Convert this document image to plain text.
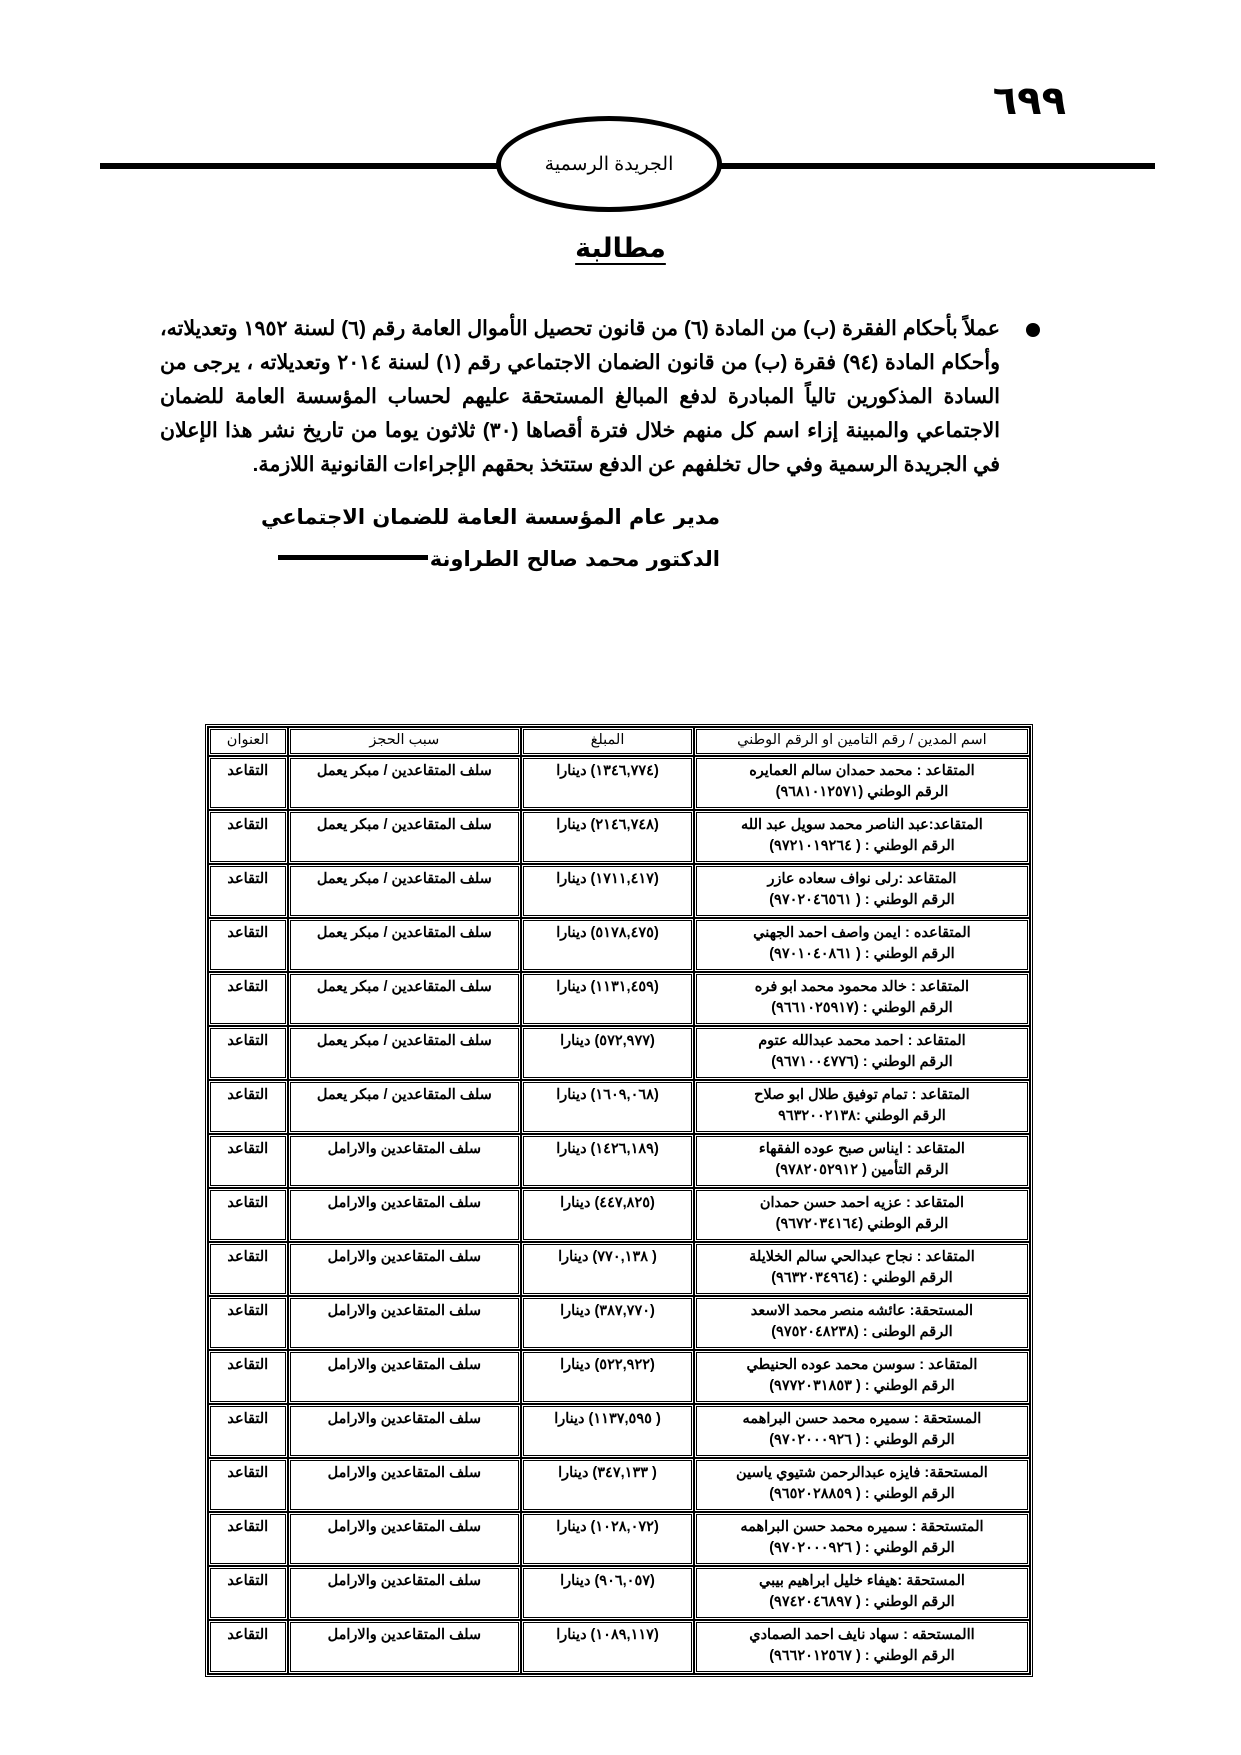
٦٩٩
الجريدة الرسمية
مطالبة

عملاً بأحكام الفقرة (ب) من المادة (٦) من قانون تحصيل الأموال العامة رقم (٦) لسنة ١٩٥٢ وتعديلاته، وأحكام المادة (٩٤) فقرة (ب) من قانون الضمان الاجتماعي رقم (١) لسنة ٢٠١٤ وتعديلاته ، يرجى من السادة المذكورين تالياً المبادرة لدفع المبالغ المستحقة عليهم لحساب المؤسسة العامة للضمان الاجتماعي والمبينة إزاء اسم كل منهم خلال فترة أقصاها (٣٠) ثلاثون يوما من تاريخ نشر هذا الإعلان في الجريدة الرسمية وفي حال تخلفهم عن الدفع ستتخذ بحقهم الإجراءات القانونية اللازمة.

مدير عام المؤسسة العامة للضمان الاجتماعي
الدكتور محمد صالح الطراونة
اسم المدين / رقم التامين او الرقم الوطني	المبلغ	سبب الحجز	العنوان

المتقاعد : محمد حمدان سالم العمايره
الرقم الوطني (٩٦٨١٠١٢٥٧١)	(١٣٤٦,٧٧٤) دينارا	سلف المتقاعدين / مبكر يعمل	التقاعد

المتقاعد:عبد الناصر محمد سويل عبد الله
الرقم الوطني : ( ٩٧٢١٠١٩٢٦٤)	(٢١٤٦,٧٤٨) دينارا	سلف المتقاعدين / مبكر يعمل	التقاعد

المتقاعد :رلى نواف سعاده عازر
الرقم الوطني : ( ٩٧٠٢٠٤٦٥٦١)	(١٧١١,٤١٧) دينارا	سلف المتقاعدين / مبكر يعمل	التقاعد

المتقاعده : ايمن واصف احمد الجهني
الرقم الوطني : ( ٩٧٠١٠٤٠٨٦١)	(٥١٧٨,٤٧٥) دينارا	سلف المتقاعدين / مبكر يعمل	التقاعد

المتقاعد : خالد محمود محمد ابو فره
الرقم الوطني : (٩٦٦١٠٢٥٩١٧)	(١١٣١,٤٥٩) دينارا	سلف المتقاعدين / مبكر يعمل	التقاعد

المتقاعد : احمد محمد عبدالله عتوم
الرقم الوطني : (٩٦٧١٠٠٤٧٧٦)	(٥٧٢,٩٧٧) دينارا	سلف المتقاعدين / مبكر يعمل	التقاعد

المتقاعد : تمام توفيق طلال ابو صلاح
الرقم الوطني :٩٦٣٢٠٠٢١٣٨	(١٦٠٩,٠٦٨) دينارا	سلف المتقاعدين / مبكر يعمل	التقاعد

المتقاعد : ايناس صبح عوده الفقهاء
الرقم التأمين ( ٩٧٨٢٠٥٢٩١٢)	(١٤٢٦,١٨٩) دينارا	سلف المتقاعدين والارامل	التقاعد

المتقاعد : عزيه احمد حسن حمدان
الرقم الوطني (٩٦٧٢٠٣٤١٦٤)	(٤٤٧,٨٢٥) دينارا	سلف المتقاعدين والارامل	التقاعد

المتقاعد : نجاح عبدالحي سالم الخلايلة
الرقم الوطني : (٩٦٣٢٠٣٤٩٦٤)	( ٧٧٠,١٣٨) دينارا	سلف المتقاعدين والارامل	التقاعد

المستحقة: عائشه منصر محمد الاسعد
الرقم الوطنى : (٩٧٥٢٠٤٨٢٣٨)	(٣٨٧,٧٧٠) دينارا	سلف المتقاعدين والارامل	التقاعد

المتقاعد : سوسن محمد عوده الحنيطي
الرقم الوطني : ( ٩٧٧٢٠٣١٨٥٣)	(٥٢٢,٩٢٢) دينارا	سلف المتقاعدين والارامل	التقاعد

المستحقة : سميره محمد حسن البراهمه
الرقم الوطني : ( ٩٧٠٢٠٠٠٩٢٦)	( ١١٣٧,٥٩٥) دينارا	سلف المتقاعدين والارامل	التقاعد

المستحقة: فايزه عبدالرحمن شتيوي ياسين
الرقم الوطني : ( ٩٦٥٢٠٢٨٨٥٩)	( ٣٤٧,١٣٣) دينارا	سلف المتقاعدين والارامل	التقاعد

المتستحقة : سميره محمد حسن البراهمه
الرقم الوطني : ( ٩٧٠٢٠٠٠٩٢٦)	(١٠٢٨,٠٧٢) دينارا	سلف المتقاعدين والارامل	التقاعد

المستحقة :هيفاء خليل ابراهيم بيبي
الرقم الوطني : ( ٩٧٤٢٠٤٦٨٩٧)	(٩٠٦,٠٥٧) دينارا	سلف المتقاعدين والارامل	التقاعد

االمستحقه : سهاد نايف احمد الصمادي
الرقم الوطني : ( ٩٦٦٢٠١٢٥٦٧)	(١٠٨٩,١١٧) دينارا	سلف المتقاعدين والارامل	التقاعد
